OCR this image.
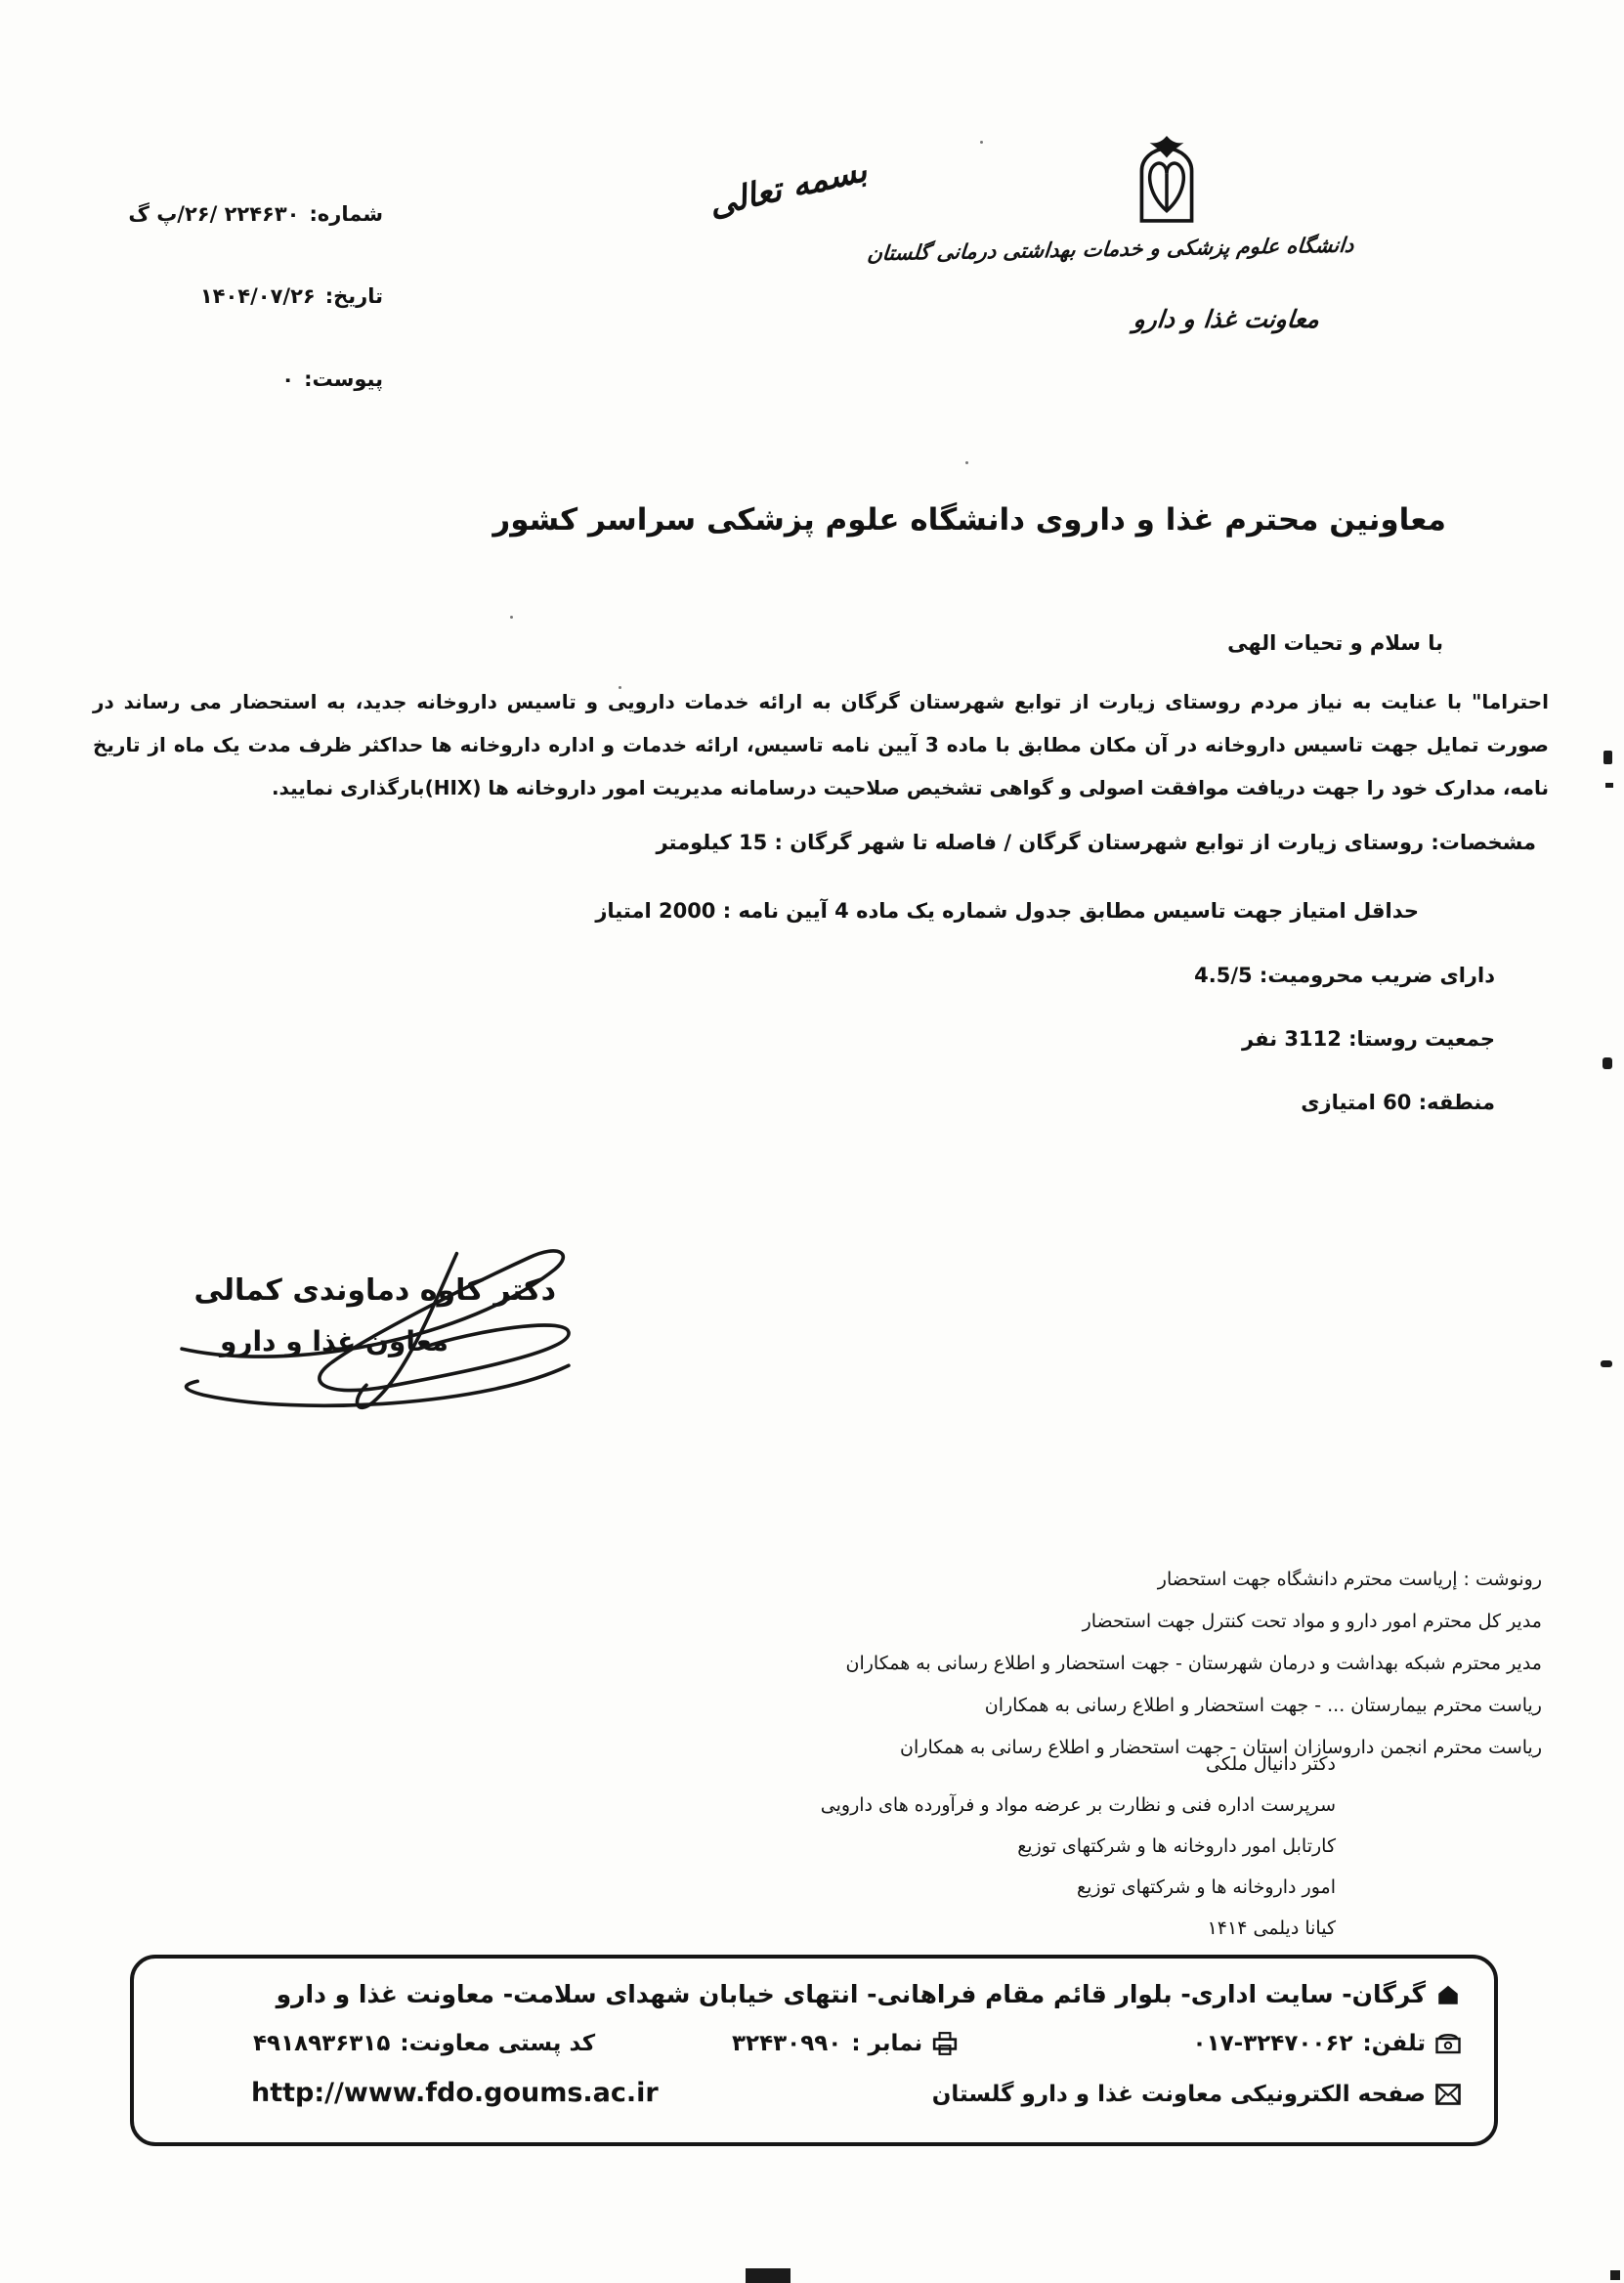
شماره:۲۲۴۶۳۰ /۲۶/پ گ
تاریخ:۱۴۰۴/۰۷/۲۶
پیوست:۰
بسمه تعالی
دانشگاه علوم پزشکی و خدمات بهداشتی درمانی گلستان
معاونت غذا و دارو
معاونین محترم غذا و داروی دانشگاه علوم پزشکی سراسر کشور
با سلام و تحیات الهی
احتراما" با عنایت به نیاز مردم روستای زیارت از توابع شهرستان گرگان به ارائه خدمات دارویی و تاسیس داروخانه جدید، به استحضار می رساند در صورت تمایل جهت تاسیس داروخانه در آن مکان مطابق با ماده 3 آیین نامه تاسیس، ارائه خدمات و اداره داروخانه ها حداکثر ظرف مدت یک ماه از تاریخ نامه، مدارک خود را جهت دریافت موافقت اصولی و گواهی تشخیص صلاحیت درسامانه مدیریت امور داروخانه ها (HIX)بارگذاری نمایید.
مشخصات: روستای زیارت از توابع شهرستان گرگان / فاصله تا شهر گرگان : 15 کیلومتر
حداقل امتیاز جهت تاسیس مطابق جدول شماره یک ماده 4 آیین نامه : 2000 امتیاز
دارای ضریب محرومیت: 4.5/5
جمعیت روستا: 3112 نفر
منطقه: 60 امتیازی
دکتر کاوه دماوندی کمالی
معاون غذا و دارو
رونوشت : إریاست محترم دانشگاه جهت استحضار
مدیر کل محترم امور دارو و مواد تحت کنترل جهت استحضار
مدیر محترم شبکه بهداشت و درمان شهرستان - جهت استحضار و اطلاع رسانی به همکاران
ریاست محترم بیمارستان ... - جهت استحضار و اطلاع رسانی به همکاران
ریاست محترم انجمن داروسازان استان - جهت استحضار و اطلاع رسانی به همکاران
دکتر دانیال ملکی
سرپرست اداره فنی و نظارت بر عرضه مواد و فرآورده های دارویی
کارتابل امور داروخانه ها و شرکتهای توزیع
امور داروخانه ها و شرکتهای توزیع
کیانا دیلمی ۱۴۱۴
گرگان- سایت اداری- بلوار قائم مقام فراهانی- انتهای خیابان شهدای سلامت- معاونت غذا و دارو
تلفن:
۰۱۷-۳۲۴۷۰۰۶۲
نمابر :
۳۲۴۳۰۹۹۰
کد پستی معاونت:
۴۹۱۸۹۳۶۳۱۵
صفحه الکترونیکی معاونت غذا و دارو گلستان
http://www.fdo.goums.ac.ir
